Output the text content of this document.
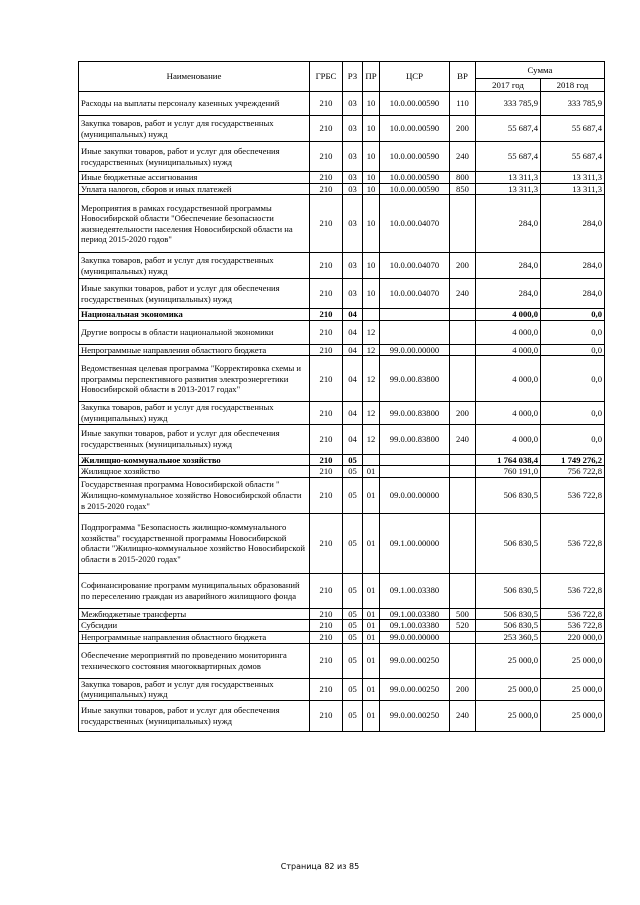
Наименование	ГРБС	РЗ	ПР	ЦСР	ВР	Сумма	
						2017 год	2018 год
Расходы на выплаты персоналу казенных учреждений	210	03	10	10.0.00.00590	110	333 785,9	333 785,9
Закупка товаров, работ и услуг для государственных (муниципальных) нужд	210	03	10	10.0.00.00590	200	55 687,4	55 687,4
Иные закупки товаров, работ и услуг для обеспечения государственных (муниципальных) нужд	210	03	10	10.0.00.00590	240	55 687,4	55 687,4
Иные бюджетные ассигнования	210	03	10	10.0.00.00590	800	13 311,3	13 311,3
Уплата налогов, сборов и иных платежей	210	03	10	10.0.00.00590	850	13 311,3	13 311,3
Мероприятия в рамках государственной программы Новосибирской области "Обеспечение безопасности жизнедеятельности населения Новосибирской области на период 2015-2020 годов"	210	03	10	10.0.00.04070		284,0	284,0
Закупка товаров, работ и услуг для государственных (муниципальных) нужд	210	03	10	10.0.00.04070	200	284,0	284,0
Иные закупки товаров, работ и услуг для обеспечения государственных (муниципальных) нужд	210	03	10	10.0.00.04070	240	284,0	284,0
Национальная экономика	210	04				4 000,0	0,0
Другие вопросы в области национальной экономики	210	04	12			4 000,0	0,0
Непрограммные направления областного бюджета	210	04	12	99.0.00.00000		4 000,0	0,0
Ведомственная целевая программа "Корректировка схемы и программы перспективного развития электроэнергетики Новосибирской области в 2013-2017 годах"	210	04	12	99.0.00.83800		4 000,0	0,0
Закупка товаров, работ и услуг для государственных (муниципальных) нужд	210	04	12	99.0.00.83800	200	4 000,0	0,0
Иные закупки товаров, работ и услуг для обеспечения государственных (муниципальных) нужд	210	04	12	99.0.00.83800	240	4 000,0	0,0
Жилищно-коммунальное хозяйство	210	05				1 764 038,4	1 749 276,2
Жилищное хозяйство	210	05	01			760 191,0	756 722,8
Государственная программа Новосибирской области " Жилищно-коммунальное хозяйство Новосибирской области в 2015-2020 годах"	210	05	01	09.0.00.00000		506 830,5	536 722,8
Подпрограмма "Безопасность жилищно-коммунального хозяйства" государственной программы Новосибирской области "Жилищно-коммунальное хозяйство Новосибирской области в 2015-2020 годах"	210	05	01	09.1.00.00000		506 830,5	536 722,8
Софинансирование программ муниципальных образований по переселению граждан из аварийного жилищного фонда	210	05	01	09.1.00.03380		506 830,5	536 722,8
Межбюджетные трансферты	210	05	01	09.1.00.03380	500	506 830,5	536 722,8
Субсидии	210	05	01	09.1.00.03380	520	506 830,5	536 722,8
Непрограммные направления областного бюджета	210	05	01	99.0.00.00000		253 360,5	220 000,0
Обеспечение мероприятий по проведению мониторинга технического состояния многоквартирных домов	210	05	01	99.0.00.00250		25 000,0	25 000,0
Закупка товаров, работ и услуг для государственных (муниципальных) нужд	210	05	01	99.0.00.00250	200	25 000,0	25 000,0
Иные закупки товаров, работ и услуг для обеспечения государственных (муниципальных) нужд	210	05	01	99.0.00.00250	240	25 000,0	25 000,0
Страница 82 из 85
